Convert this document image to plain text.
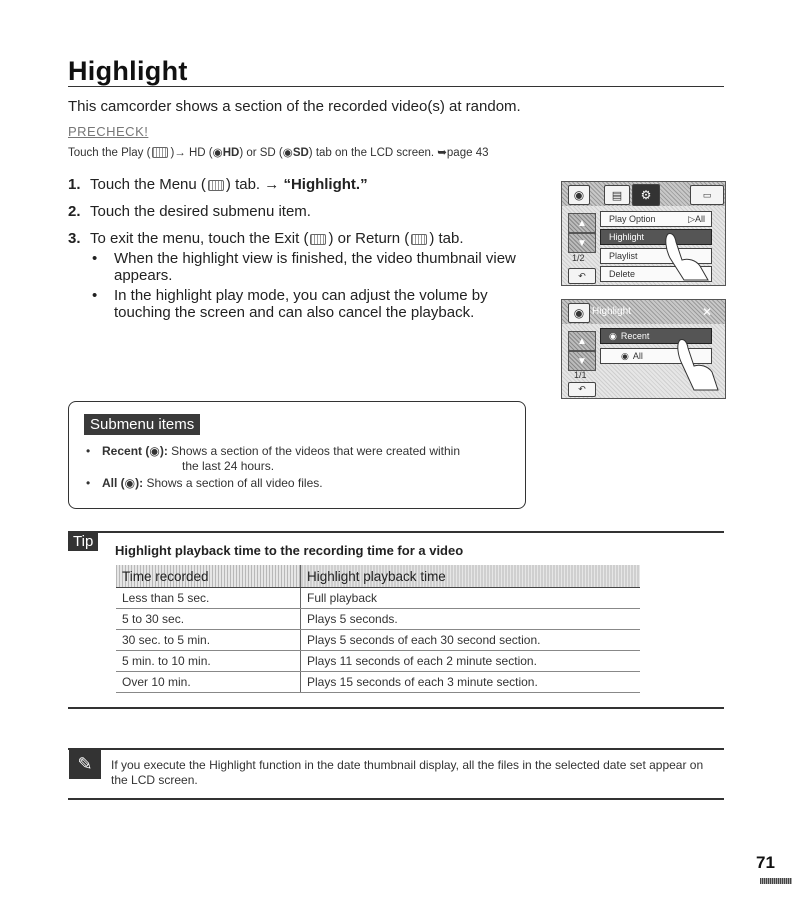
Highlight
This camcorder shows a section of the recorded video(s) at random.
PRECHECK!
Touch the Play ( )→ HD (◉HD) or SD (◉SD) tab on the LCD screen. ➥page 43
1. Touch the Menu ( ) tab. → “Highlight.”
2. Touch the desired submenu item.
3. To exit the menu, touch the Exit ( ) or Return ( ) tab.
• When the highlight view is finished, the video thumbnail view appears.
• In the highlight play mode, you can adjust the volume by touching the screen and can also cancel the playback.
◉	▤	⚙	▭
▲
▼
1/2
↶
Play Option	▷All
Highlight
Playlist
Delete
◉ Highlight	✕
▲
▼
1/1
↶
◉ Recent
◉ All
Submenu items
• Recent (◉): Shows a section of the videos that were created within
the last 24 hours.
• All (◉): Shows a section of all video files.
Tip
Highlight playback time to the recording time for a video
Time recorded	Highlight playback time
Less than 5 sec.	Full playback
5 to 30 sec.	Plays 5 seconds.
30 sec. to 5 min.	Plays 5 seconds of each 30 second section.
5 min. to 10 min.	Plays 11 seconds of each 2 minute section.
Over 10 min.	Plays 15 seconds of each 3 minute section.
✎	If you execute the Highlight function in the date thumbnail display, all the files in the selected date set appear on the LCD screen.
71
